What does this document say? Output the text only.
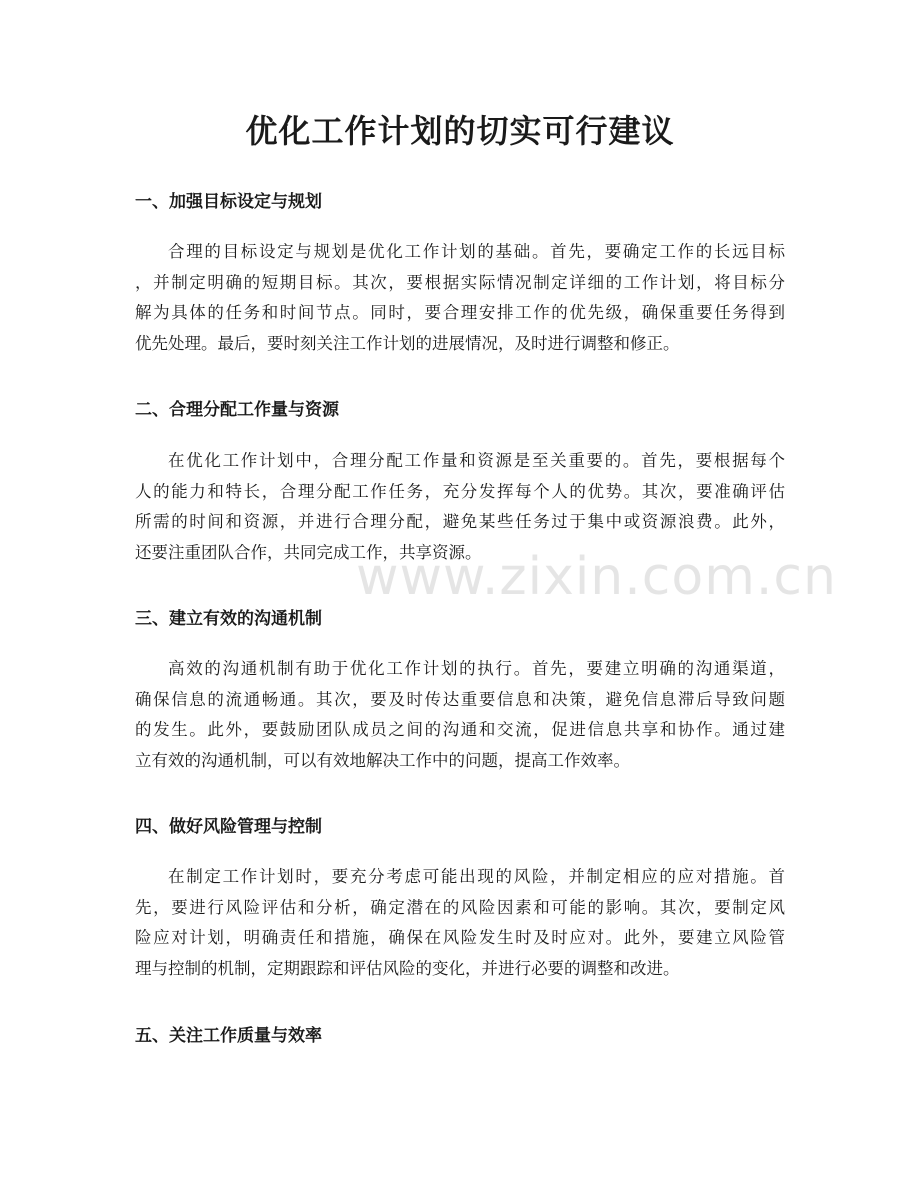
优化工作计划的切实可行建议
一、加强目标设定与规划
合理的目标设定与规划是优化工作计划的基础。首先，要确定工作的长远目标
，并制定明确的短期目标。其次，要根据实际情况制定详细的工作计划，将目标分
解为具体的任务和时间节点。同时，要合理安排工作的优先级，确保重要任务得到
优先处理。最后，要时刻关注工作计划的进展情况，及时进行调整和修正。
二、合理分配工作量与资源
在优化工作计划中，合理分配工作量和资源是至关重要的。首先，要根据每个
人的能力和特长，合理分配工作任务，充分发挥每个人的优势。其次，要准确评估
所需的时间和资源，并进行合理分配，避免某些任务过于集中或资源浪费。此外，
还要注重团队合作，共同完成工作，共享资源。
三、建立有效的沟通机制
高效的沟通机制有助于优化工作计划的执行。首先，要建立明确的沟通渠道，
确保信息的流通畅通。其次，要及时传达重要信息和决策，避免信息滞后导致问题
的发生。此外，要鼓励团队成员之间的沟通和交流，促进信息共享和协作。通过建
立有效的沟通机制，可以有效地解决工作中的问题，提高工作效率。
四、做好风险管理与控制
在制定工作计划时，要充分考虑可能出现的风险，并制定相应的应对措施。首
先，要进行风险评估和分析，确定潜在的风险因素和可能的影响。其次，要制定风
险应对计划，明确责任和措施，确保在风险发生时及时应对。此外，要建立风险管
理与控制的机制，定期跟踪和评估风险的变化，并进行必要的调整和改进。
五、关注工作质量与效率
www.zixin.com.cn
